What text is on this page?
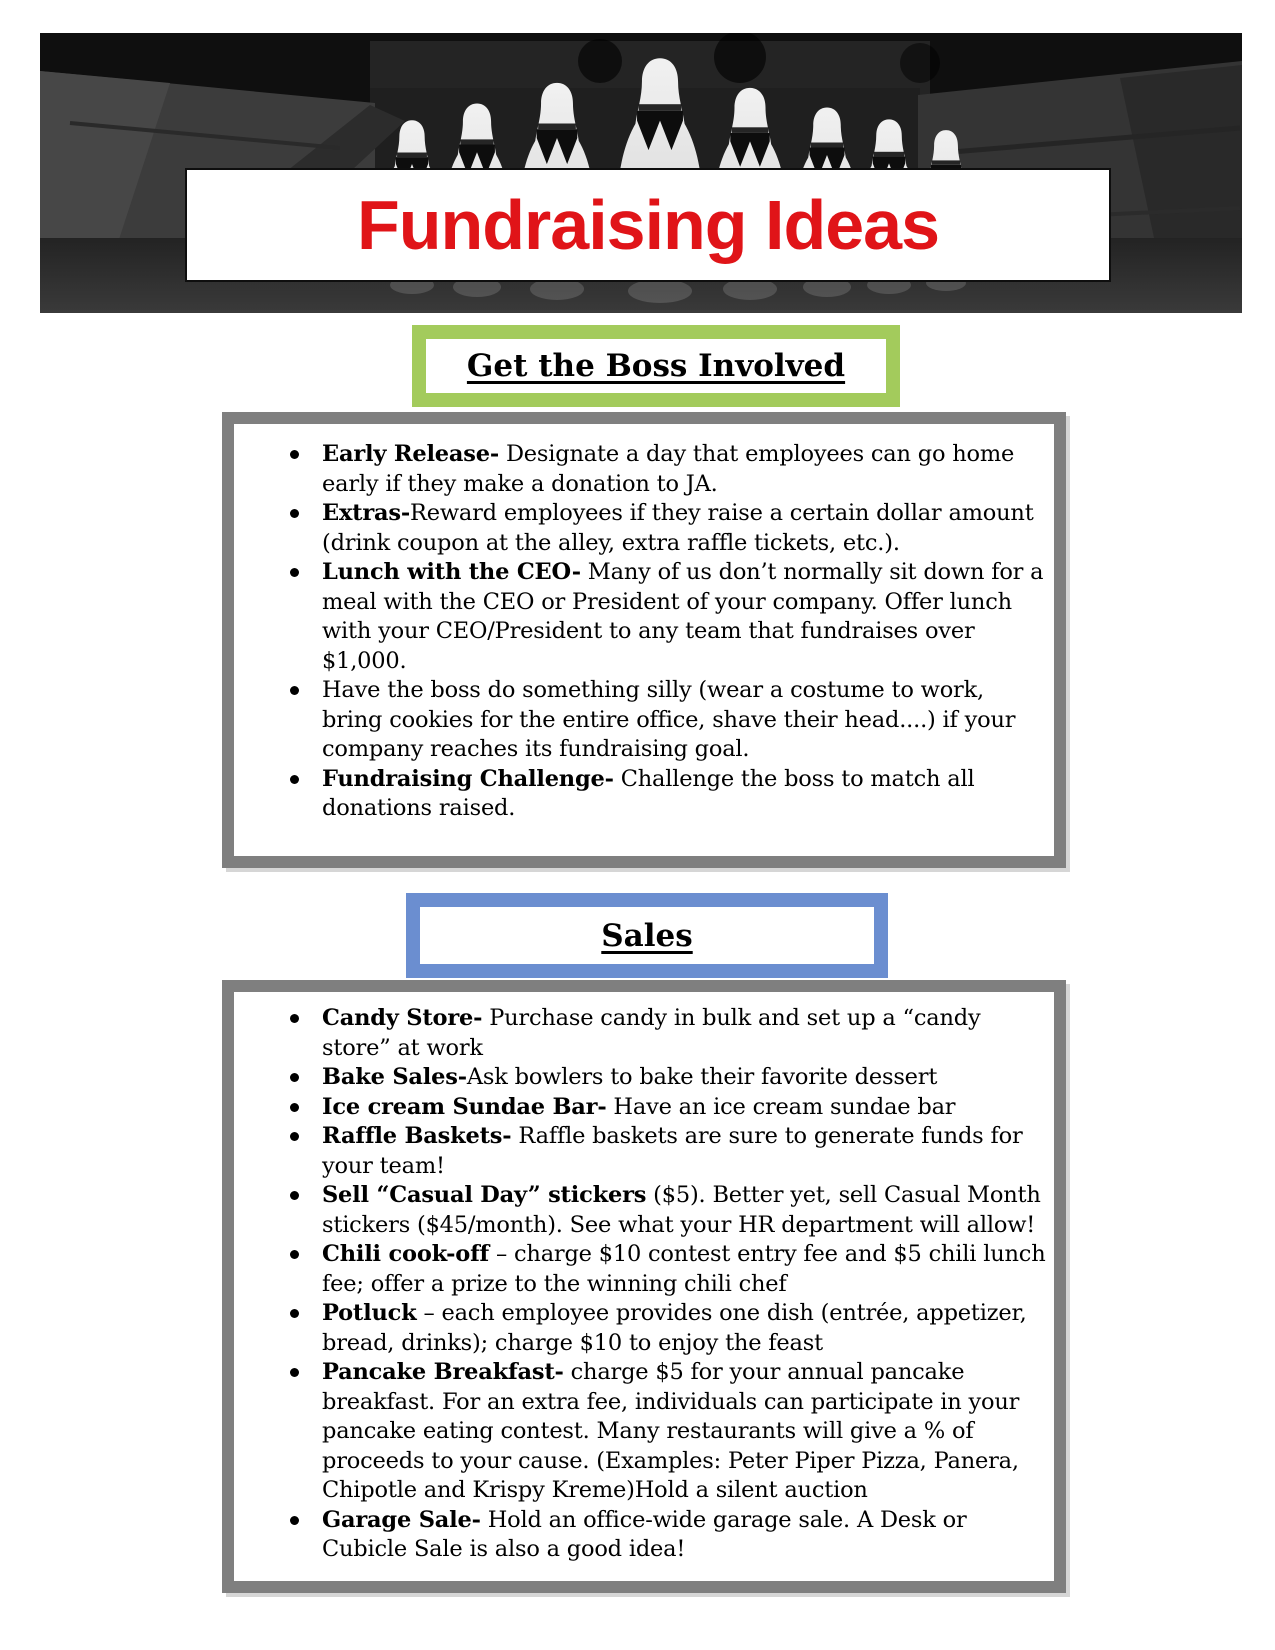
Fundraising Ideas
Get the Boss Involved
Early Release- Designate a day that employees can go home early if they make a donation to JA.
Extras-Reward employees if they raise a certain dollar amount (drink coupon at the alley, extra raffle tickets, etc.).
Lunch with the CEO- Many of us don’t normally sit down for a meal with the CEO or President of your company. Offer lunch with your CEO/President to any team that fundraises over $1,000.
Have the boss do something silly (wear a costume to work, bring cookies for the entire office, shave their head....) if your company reaches its fundraising goal.
Fundraising Challenge- Challenge the boss to match all donations raised.
Sales
Candy Store- Purchase candy in bulk and set up a “candy store” at work
Bake Sales-Ask bowlers to bake their favorite dessert
Ice cream Sundae Bar- Have an ice cream sundae bar
Raffle Baskets- Raffle baskets are sure to generate funds for your team!
Sell “Casual Day” stickers ($5). Better yet, sell Casual Month stickers ($45/month). See what your HR department will allow!
Chili cook-off – charge $10 contest entry fee and $5 chili lunch fee; offer a prize to the winning chili chef
Potluck – each employee provides one dish (entrée, appetizer, bread, drinks); charge $10 to enjoy the feast
Pancake Breakfast- charge $5 for your annual pancake breakfast. For an extra fee, individuals can participate in your pancake eating contest. Many restaurants will give a % of proceeds to your cause. (Examples: Peter Piper Pizza, Panera, Chipotle and Krispy Kreme)Hold a silent auction
Garage Sale- Hold an office-wide garage sale. A Desk or Cubicle Sale is also a good idea!
